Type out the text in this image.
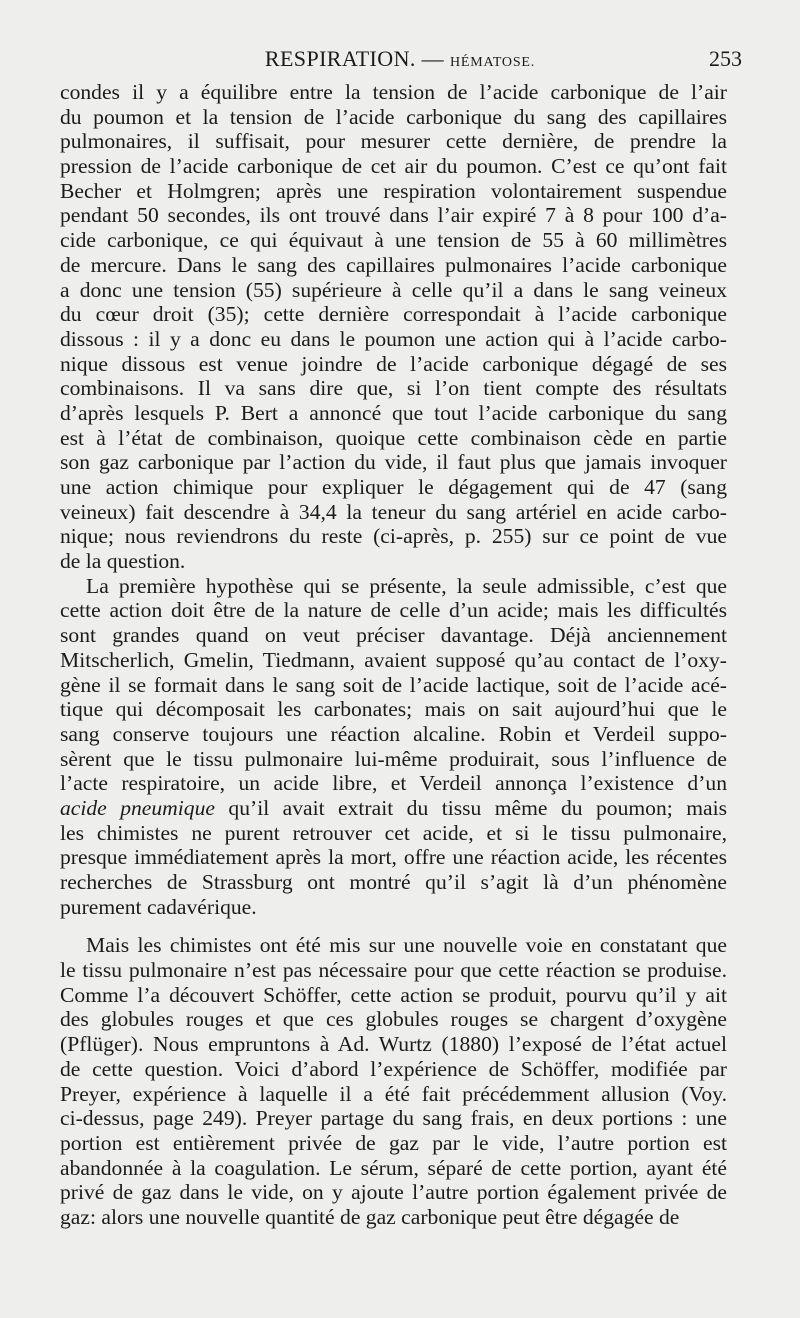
RESPIRATION. — HÉMATOSE.	253
condes il y a équilibre entre la tension de l’acide carbonique de l’air
du poumon et la tension de l’acide carbonique du sang des capillaires
pulmonaires, il suffisait, pour mesurer cette dernière, de prendre la
pression de l’acide carbonique de cet air du poumon. C’est ce qu’ont fait
Becher et Holmgren; après une respiration volontairement suspendue
pendant 50 secondes, ils ont trouvé dans l’air expiré 7 à 8 pour 100 d’a-
cide carbonique, ce qui équivaut à une tension de 55 à 60 millimètres
de mercure. Dans le sang des capillaires pulmonaires l’acide carbonique
a donc une tension (55) supérieure à celle qu’il a dans le sang veineux
du cœur droit (35); cette dernière correspondait à l’acide carbonique
dissous : il y a donc eu dans le poumon une action qui à l’acide carbo-
nique dissous est venue joindre de l’acide carbonique dégagé de ses
combinaisons. Il va sans dire que, si l’on tient compte des résultats
d’après lesquels P. Bert a annoncé que tout l’acide carbonique du sang
est à l’état de combinaison, quoique cette combinaison cède en partie
son gaz carbonique par l’action du vide, il faut plus que jamais invoquer
une action chimique pour expliquer le dégagement qui de 47 (sang
veineux) fait descendre à 34,4 la teneur du sang artériel en acide carbo-
nique; nous reviendrons du reste (ci-après, p. 255) sur ce point de vue
de la question.
La première hypothèse qui se présente, la seule admissible, c’est que
cette action doit être de la nature de celle d’un acide; mais les difficultés
sont grandes quand on veut préciser davantage. Déjà anciennement
Mitscherlich, Gmelin, Tiedmann, avaient supposé qu’au contact de l’oxy-
gène il se formait dans le sang soit de l’acide lactique, soit de l’acide acé-
tique qui décomposait les carbonates; mais on sait aujourd’hui que le
sang conserve toujours une réaction alcaline. Robin et Verdeil suppo-
sèrent que le tissu pulmonaire lui-même produirait, sous l’influence de
l’acte respiratoire, un acide libre, et Verdeil annonça l’existence d’un
acide pneumique qu’il avait extrait du tissu même du poumon; mais
les chimistes ne purent retrouver cet acide, et si le tissu pulmonaire,
presque immédiatement après la mort, offre une réaction acide, les récentes
recherches de Strassburg ont montré qu’il s’agit là d’un phénomène
purement cadavérique.
Mais les chimistes ont été mis sur une nouvelle voie en constatant que
le tissu pulmonaire n’est pas nécessaire pour que cette réaction se produise.
Comme l’a découvert Schöffer, cette action se produit, pourvu qu’il y ait
des globules rouges et que ces globules rouges se chargent d’oxygène
(Pflüger). Nous empruntons à Ad. Wurtz (1880) l’exposé de l’état actuel
de cette question. Voici d’abord l’expérience de Schöffer, modifiée par
Preyer, expérience à laquelle il a été fait précédemment allusion (Voy.
ci-dessus, page 249). Preyer partage du sang frais, en deux portions : une
portion est entièrement privée de gaz par le vide, l’autre portion est
abandonnée à la coagulation. Le sérum, séparé de cette portion, ayant été
privé de gaz dans le vide, on y ajoute l’autre portion également privée de
gaz: alors une nouvelle quantité de gaz carbonique peut être dégagée de
